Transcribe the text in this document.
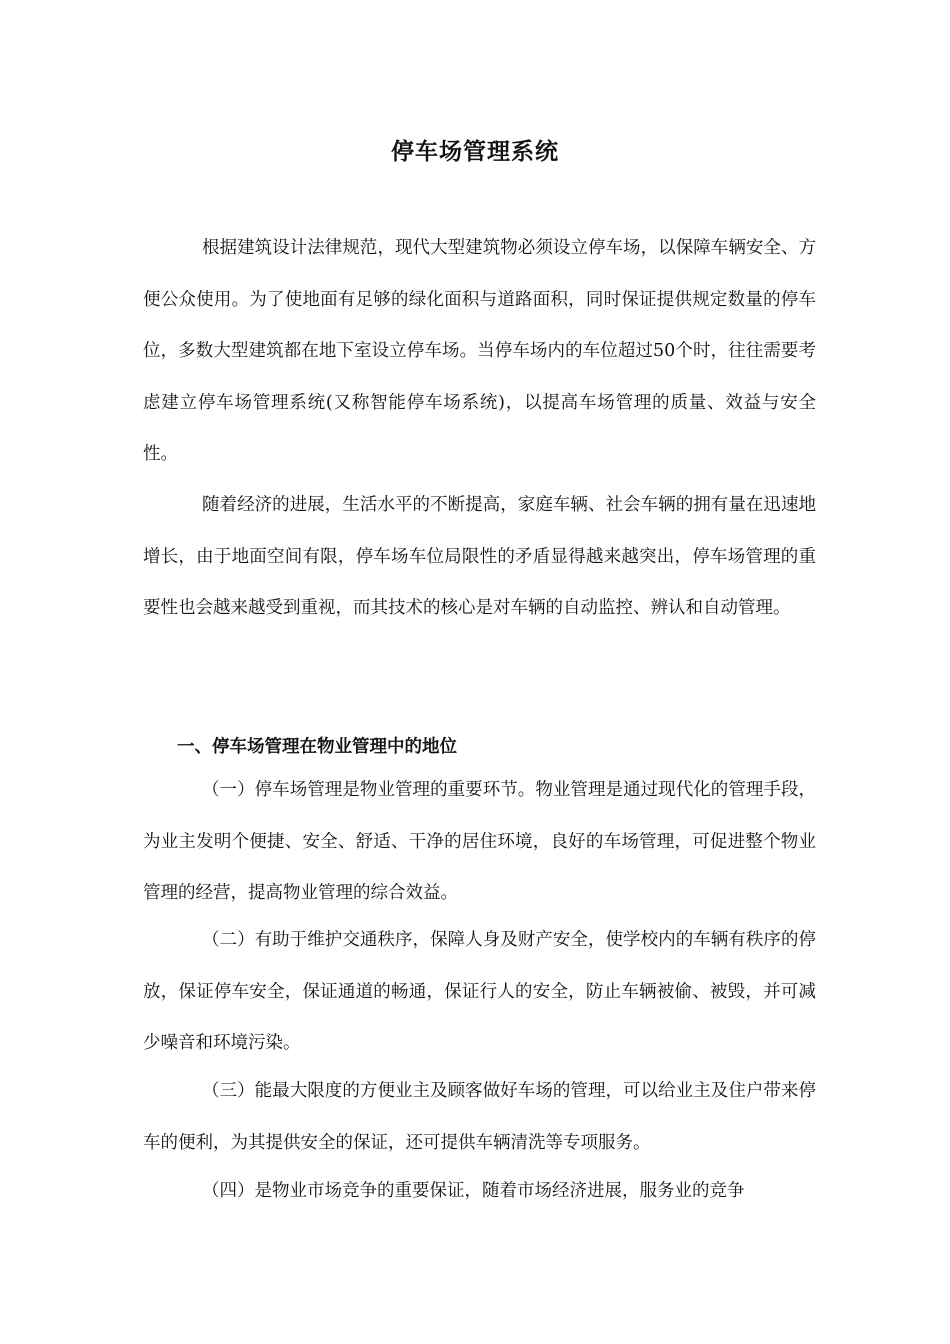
停车场管理系统

根据建筑设计法律规范，现代大型建筑物必须设立停车场，以保障车辆安全、方便公众使用。为了使地面有足够的绿化面积与道路面积，同时保证提供规定数量的停车位，多数大型建筑都在地下室设立停车场。当停车场内的车位超过50个时，往往需要考虑建立停车场管理系统(又称智能停车场系统)，以提高车场管理的质量、效益与安全性。

随着经济的进展，生活水平的不断提高，家庭车辆、社会车辆的拥有量在迅速地增长，由于地面空间有限，停车场车位局限性的矛盾显得越来越突出，停车场管理的重要性也会越来越受到重视，而其技术的核心是对车辆的自动监控、辨认和自动管理。

一、停车场管理在物业管理中的地位

（一）停车场管理是物业管理的重要环节。物业管理是通过现代化的管理手段，为业主发明个便捷、安全、舒适、干净的居住环境，良好的车场管理，可促进整个物业管理的经营，提高物业管理的综合效益。

（二）有助于维护交通秩序，保障人身及财产安全，使学校内的车辆有秩序的停放，保证停车安全，保证通道的畅通，保证行人的安全，防止车辆被偷、被毁，并可减少噪音和环境污染。

（三）能最大限度的方便业主及顾客做好车场的管理，可以给业主及住户带来停车的便利，为其提供安全的保证，还可提供车辆清洗等专项服务。

（四）是物业市场竞争的重要保证，随着市场经济进展，服务业的竞争
